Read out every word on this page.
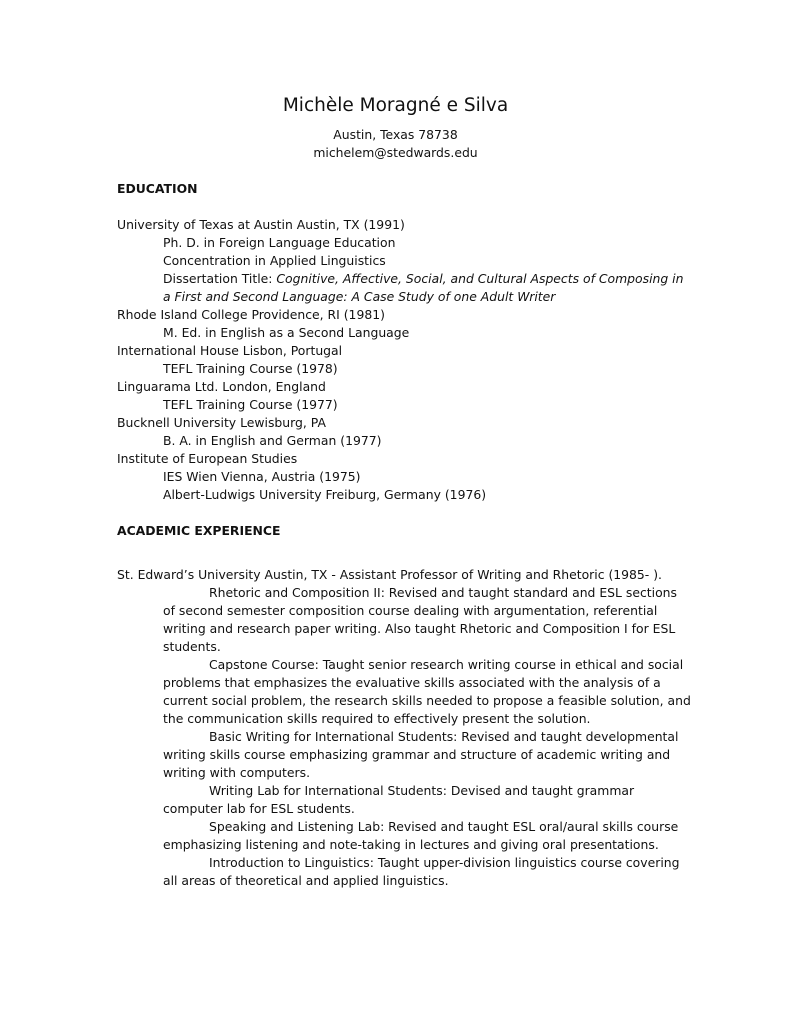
Michèle Moragné e Silva
Austin, Texas 78738
michelem@stedwards.edu
EDUCATION
University of Texas at Austin Austin, TX (1991)
Ph. D. in Foreign Language Education
Concentration in Applied Linguistics
Dissertation Title: Cognitive, Affective, Social, and Cultural Aspects of Composing in
a First and Second Language: A Case Study of one Adult Writer
Rhode Island College Providence, RI (1981)
M. Ed. in English as a Second Language
International House Lisbon, Portugal
TEFL Training Course (1978)
Linguarama Ltd. London, England
TEFL Training Course (1977)
Bucknell University Lewisburg, PA
B. A. in English and German (1977)
Institute of European Studies
IES Wien Vienna, Austria (1975)
Albert-Ludwigs University Freiburg, Germany (1976)
ACADEMIC EXPERIENCE
St. Edward’s University Austin, TX - Assistant Professor of Writing and Rhetoric (1985- ).
Rhetoric and Composition II: Revised and taught standard and ESL sections
of second semester composition course dealing with argumentation, referential
writing and research paper writing. Also taught Rhetoric and Composition I for ESL
students.
Capstone Course: Taught senior research writing course in ethical and social
problems that emphasizes the evaluative skills associated with the analysis of a
current social problem, the research skills needed to propose a feasible solution, and
the communication skills required to effectively present the solution.
Basic Writing for International Students: Revised and taught developmental
writing skills course emphasizing grammar and structure of academic writing and
writing with computers.
Writing Lab for International Students: Devised and taught grammar
computer lab for ESL students.
Speaking and Listening Lab: Revised and taught ESL oral/aural skills course
emphasizing listening and note-taking in lectures and giving oral presentations.
Introduction to Linguistics: Taught upper-division linguistics course covering
all areas of theoretical and applied linguistics.
